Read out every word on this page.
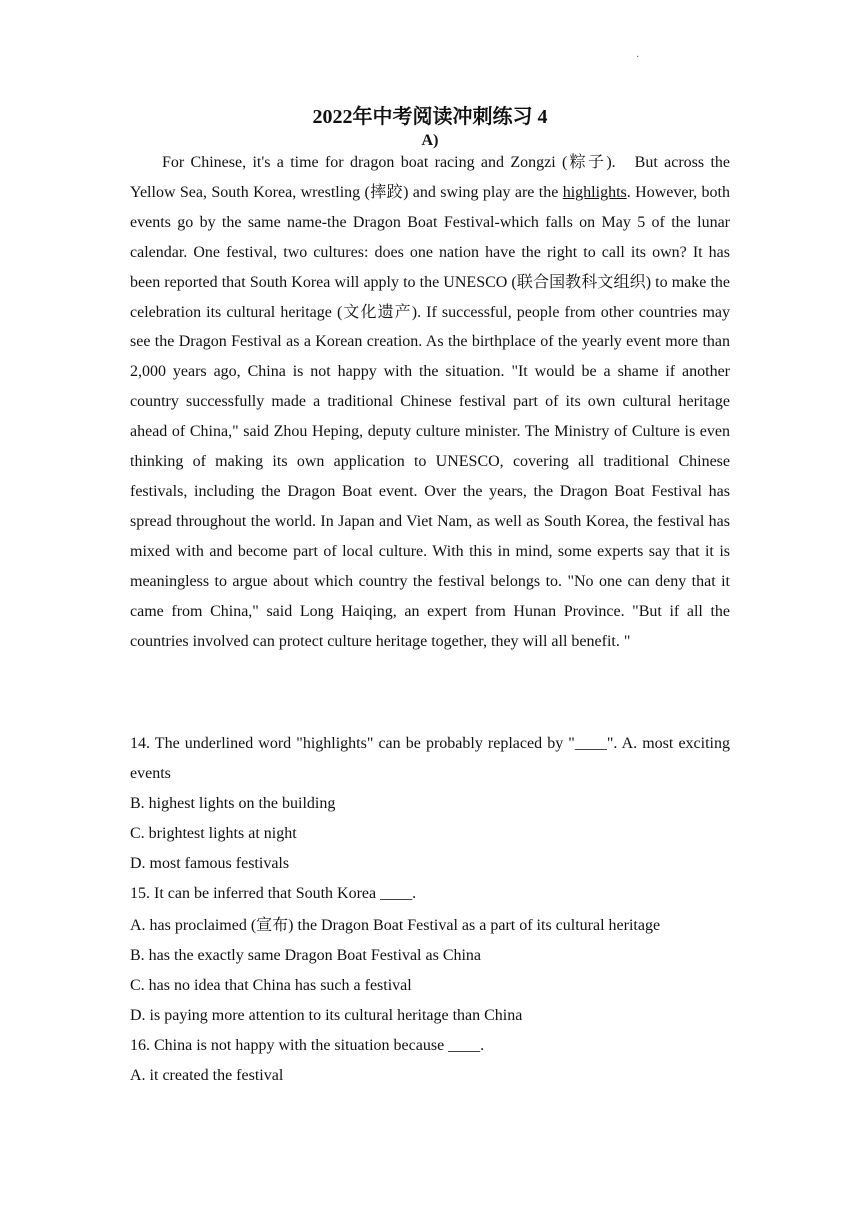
·
2022年中考阅读冲刺练习 4
A)

For Chinese, it's a time for dragon boat racing and Zongzi (粽子).   But across the Yellow Sea, South Korea, wrestling (摔跤) and swing play are the highlights. However, both events go by the same name-the Dragon Boat Festival-which falls on May 5 of the lunar calendar. One festival, two cultures: does one nation have the right to call its own? It has been reported that South Korea will apply to the UNESCO (联合国教科文组织) to make the celebration its cultural heritage (文化遗产). If successful, people from other countries may see the Dragon Festival as a Korean creation. As the birthplace of the yearly event more than 2,000 years ago, China is not happy with the situation. "It would be a shame if another country successfully made a traditional Chinese festival part of its own cultural heritage ahead of China," said Zhou Heping, deputy culture minister. The Ministry of Culture is even thinking of making its own application to UNESCO, covering all traditional Chinese festivals, including the Dragon Boat event. Over the years, the Dragon Boat Festival has spread throughout the world. In Japan and Viet Nam, as well as South Korea, the festival has mixed with and become part of local culture. With this in mind, some experts say that it is meaningless to argue about which country the festival belongs to. "No one can deny that it came from China," said Long Haiqing, an expert from Hunan Province. "But if all the countries involved can protect culture heritage together, they will all benefit. "

14. The underlined word "highlights" can be probably replaced by "____". A. most exciting events

B. highest lights on the building

C. brightest lights at night

D. most famous festivals

15. It can be inferred that South Korea ____.

A. has proclaimed (宣布) the Dragon Boat Festival as a part of its cultural heritage

B. has the exactly same Dragon Boat Festival as China

C. has no idea that China has such a festival

D. is paying more attention to its cultural heritage than China

16. China is not happy with the situation because ____.

A. it created the festival
